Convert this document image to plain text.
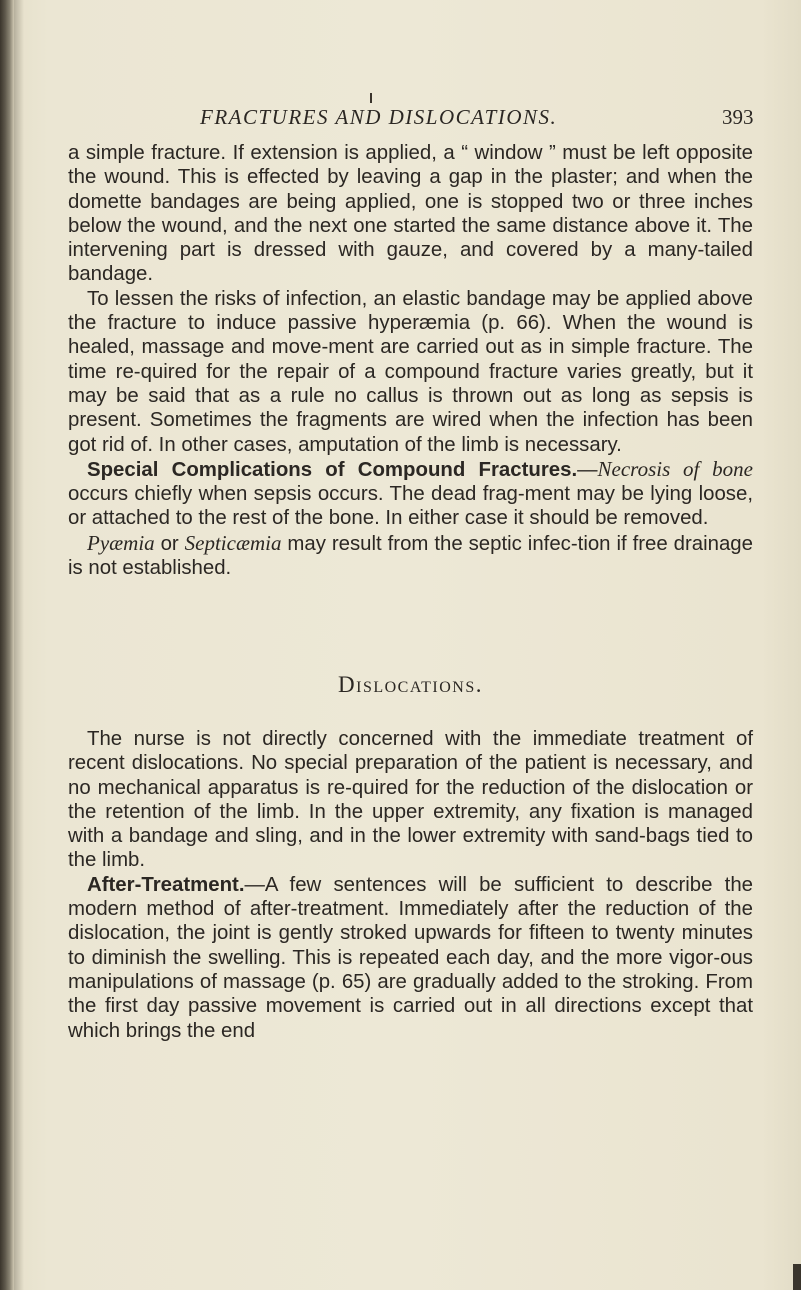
FRACTURES AND DISLOCATIONS.	393

a simple fracture. If extension is applied, a “ window ” must be left opposite the wound. This is effected by leaving a gap in the plaster; and when the domette bandages are being applied, one is stopped two or three inches below the wound, and the next one started the same distance above it. The intervening part is dressed with gauze, and covered by a many-tailed bandage.

To lessen the risks of infection, an elastic bandage may be applied above the fracture to induce passive hyperæmia (p. 66). When the wound is healed, massage and move-ment are carried out as in simple fracture. The time re-quired for the repair of a compound fracture varies greatly, but it may be said that as a rule no callus is thrown out as long as sepsis is present. Sometimes the fragments are wired when the infection has been got rid of. In other cases, amputation of the limb is necessary.

Special Complications of Compound Fractures.—Necrosis of bone occurs chiefly when sepsis occurs. The dead frag-ment may be lying loose, or attached to the rest of the bone. In either case it should be removed.

Pyæmia or Septicæmia may result from the septic infec-tion if free drainage is not established.

Dislocations.

The nurse is not directly concerned with the immediate treatment of recent dislocations. No special preparation of the patient is necessary, and no mechanical apparatus is re-quired for the reduction of the dislocation or the retention of the limb. In the upper extremity, any fixation is managed with a bandage and sling, and in the lower extremity with sand-bags tied to the limb.

After-Treatment.—A few sentences will be sufficient to describe the modern method of after-treatment. Immediately after the reduction of the dislocation, the joint is gently stroked upwards for fifteen to twenty minutes to diminish the swelling. This is repeated each day, and the more vigor-ous manipulations of massage (p. 65) are gradually added to the stroking. From the first day passive movement is carried out in all directions except that which brings the end
